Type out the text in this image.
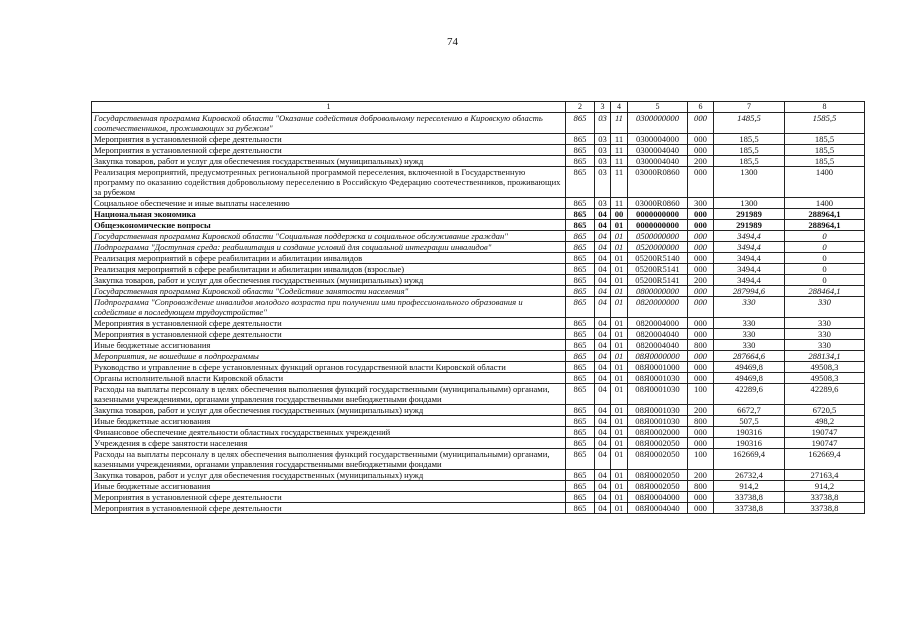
74
1	2	3	4	5	6	7	8
Государственная программа Кировской области "Оказание содействия добровольному переселению в Кировскую область соотечественников, проживающих за рубежом"	865	03	11	0300000000	000	1485,5	1585,5
Мероприятия в установленной сфере деятельности	865	03	11	0300004000	000	185,5	185,5
Мероприятия в установленной сфере деятельности	865	03	11	0300004040	000	185,5	185,5
Закупка товаров, работ и услуг для обеспечения государственных (муниципальных) нужд	865	03	11	0300004040	200	185,5	185,5
Реализация мероприятий, предусмотренных региональной программой переселения, включенной в Государственную программу по оказанию содействия добровольному переселению в Российскую Федерацию соотечественников, проживающих за рубежом	865	03	11	03000R0860	000	1300	1400
Социальное обеспечение и иные выплаты населению	865	03	11	03000R0860	300	1300	1400
Национальная экономика	865	04	00	0000000000	000	291989	288964,1
Общеэкономические вопросы	865	04	01	0000000000	000	291989	288964,1
Государственная программа Кировской области "Социальная поддержка и социальное обслуживание граждан"	865	04	01	0500000000	000	3494,4	0
Подпрограмма "Доступная среда: реабилитация и создание условий для социальной интеграции инвалидов"	865	04	01	0520000000	000	3494,4	0
Реализация мероприятий в сфере реабилитации и абилитации инвалидов	865	04	01	05200R5140	000	3494,4	0
Реализация мероприятий в сфере реабилитации и абилитации инвалидов (взрослые)	865	04	01	05200R5141	000	3494,4	0
Закупка товаров, работ и услуг для обеспечения государственных (муниципальных) нужд	865	04	01	05200R5141	200	3494,4	0
Государственная программа Кировской области "Содействие занятости населения"	865	04	01	0800000000	000	287994,6	288464,1
Подпрограмма "Сопровождение инвалидов молодого возраста при получении ими профессионального образования и содействие в последующем трудоустройстве"	865	04	01	0820000000	000	330	330
Мероприятия в установленной сфере деятельности	865	04	01	0820004000	000	330	330
Мероприятия в установленной сфере деятельности	865	04	01	0820004040	000	330	330
Иные бюджетные ассигнования	865	04	01	0820004040	800	330	330
Мероприятия, не вошедшие в подпрограммы	865	04	01	08Я0000000	000	287664,6	288134,1
Руководство и управление в сфере установленных функций органов государственной власти Кировской области	865	04	01	08Я0001000	000	49469,8	49508,3
Органы исполнительной власти Кировской области	865	04	01	08Я0001030	000	49469,8	49508,3
Расходы на выплаты персоналу в целях обеспечения выполнения функций государственными (муниципальными) органами, казенными учреждениями, органами управления государственными внебюджетными фондами	865	04	01	08Я0001030	100	42289,6	42289,6
Закупка товаров, работ и услуг для обеспечения государственных (муниципальных) нужд	865	04	01	08Я0001030	200	6672,7	6720,5
Иные бюджетные ассигнования	865	04	01	08Я0001030	800	507,5	498,2
Финансовое обеспечение деятельности областных государственных учреждений	865	04	01	08Я0002000	000	190316	190747
Учреждения в сфере занятости населения	865	04	01	08Я0002050	000	190316	190747
Расходы на выплаты персоналу в целях обеспечения выполнения функций государственными (муниципальными) органами, казенными учреждениями, органами управления государственными внебюджетными фондами	865	04	01	08Я0002050	100	162669,4	162669,4
Закупка товаров, работ и услуг для обеспечения государственных (муниципальных) нужд	865	04	01	08Я0002050	200	26732,4	27163,4
Иные бюджетные ассигнования	865	04	01	08Я0002050	800	914,2	914,2
Мероприятия в установленной сфере деятельности	865	04	01	08Я0004000	000	33738,8	33738,8
Мероприятия в установленной сфере деятельности	865	04	01	08Я0004040	000	33738,8	33738,8
